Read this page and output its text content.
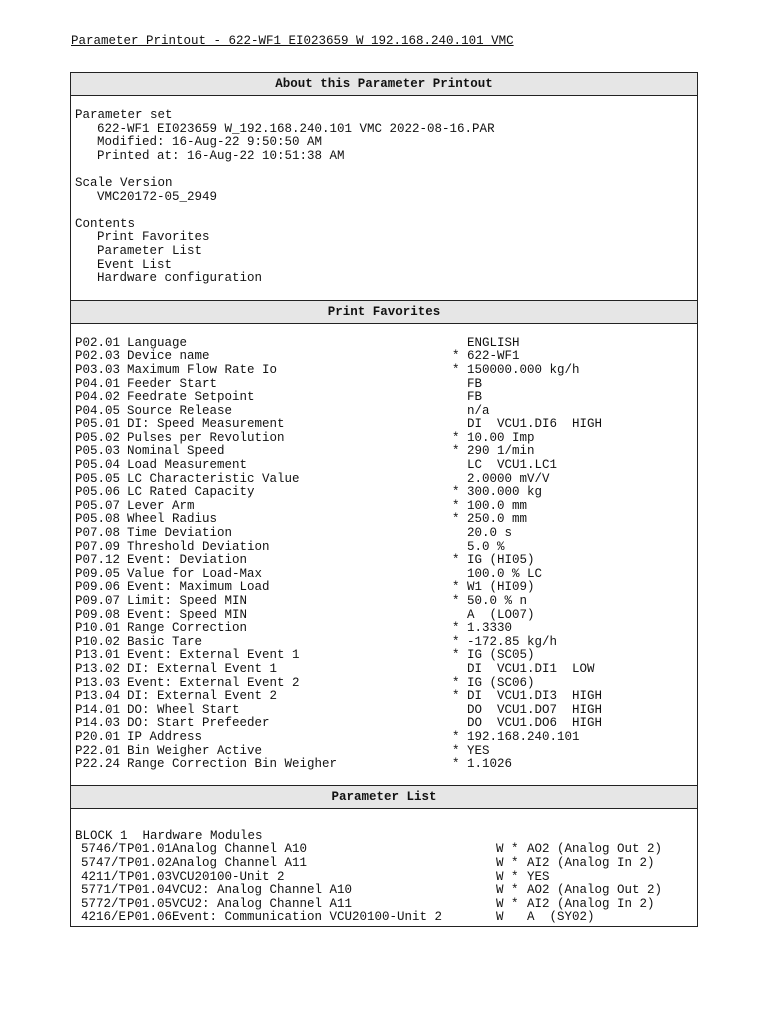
Parameter Printout - 622-WF1 EI023659 W_192.168.240.101 VMC
About this Parameter Printout
Parameter set
622-WF1 EI023659 W_192.168.240.101 VMC 2022-08-16.PAR
Modified: 16-Aug-22 9:50:50 AM
Printed at: 16-Aug-22 10:51:38 AM
Scale Version
VMC20172-05_2949
Contents
Print Favorites
Parameter List
Event List
Hardware configuration
Print Favorites
P02.01 Language	ENGLISH
P02.03 Device name	* 622-WF1
P03.03 Maximum Flow Rate Io	* 150000.000 kg/h
P04.01 Feeder Start	FB
P04.02 Feedrate Setpoint	FB
P04.05 Source Release	n/a
P05.01 DI: Speed Measurement	DI  VCU1.DI6  HIGH
P05.02 Pulses per Revolution	* 10.00 Imp
P05.03 Nominal Speed	* 290 1/min
P05.04 Load Measurement	LC  VCU1.LC1
P05.05 LC Characteristic Value	2.0000 mV/V
P05.06 LC Rated Capacity	* 300.000 kg
P05.07 Lever Arm	* 100.0 mm
P05.08 Wheel Radius	* 250.0 mm
P07.08 Time Deviation	20.0 s
P07.09 Threshold Deviation	5.0 %
P07.12 Event: Deviation	* IG (HI05)
P09.05 Value for Load-Max	100.0 % LC
P09.06 Event: Maximum Load	* W1 (HI09)
P09.07 Limit: Speed MIN	* 50.0 % n
P09.08 Event: Speed MIN	A  (LO07)
P10.01 Range Correction	* 1.3330
P10.02 Basic Tare	* -172.85 kg/h
P13.01 Event: External Event 1	* IG (SC05)
P13.02 DI: External Event 1	DI  VCU1.DI1  LOW
P13.03 Event: External Event 2	* IG (SC06)
P13.04 DI: External Event 2	* DI  VCU1.DI3  HIGH
P14.01 DO: Wheel Start	DO  VCU1.DO7  HIGH
P14.03 DO: Start Prefeeder	DO  VCU1.DO6  HIGH
P20.01 IP Address	* 192.168.240.101
P22.01 Bin Weigher Active	* YES
P22.24 Range Correction Bin Weigher	* 1.1026
Parameter List
BLOCK 1  Hardware Modules
5746/T P01.01 Analog Channel A10	W * AO2 (Analog Out 2)
5747/T P01.02 Analog Channel A11	W * AI2 (Analog In 2)
4211/T P01.03 VCU20100-Unit 2	W * YES
5771/T P01.04 VCU2: Analog Channel A10	W * AO2 (Analog Out 2)
5772/T P01.05 VCU2: Analog Channel A11	W * AI2 (Analog In 2)
4216/E P01.06 Event: Communication VCU20100-Unit 2	W A  (SY02)
